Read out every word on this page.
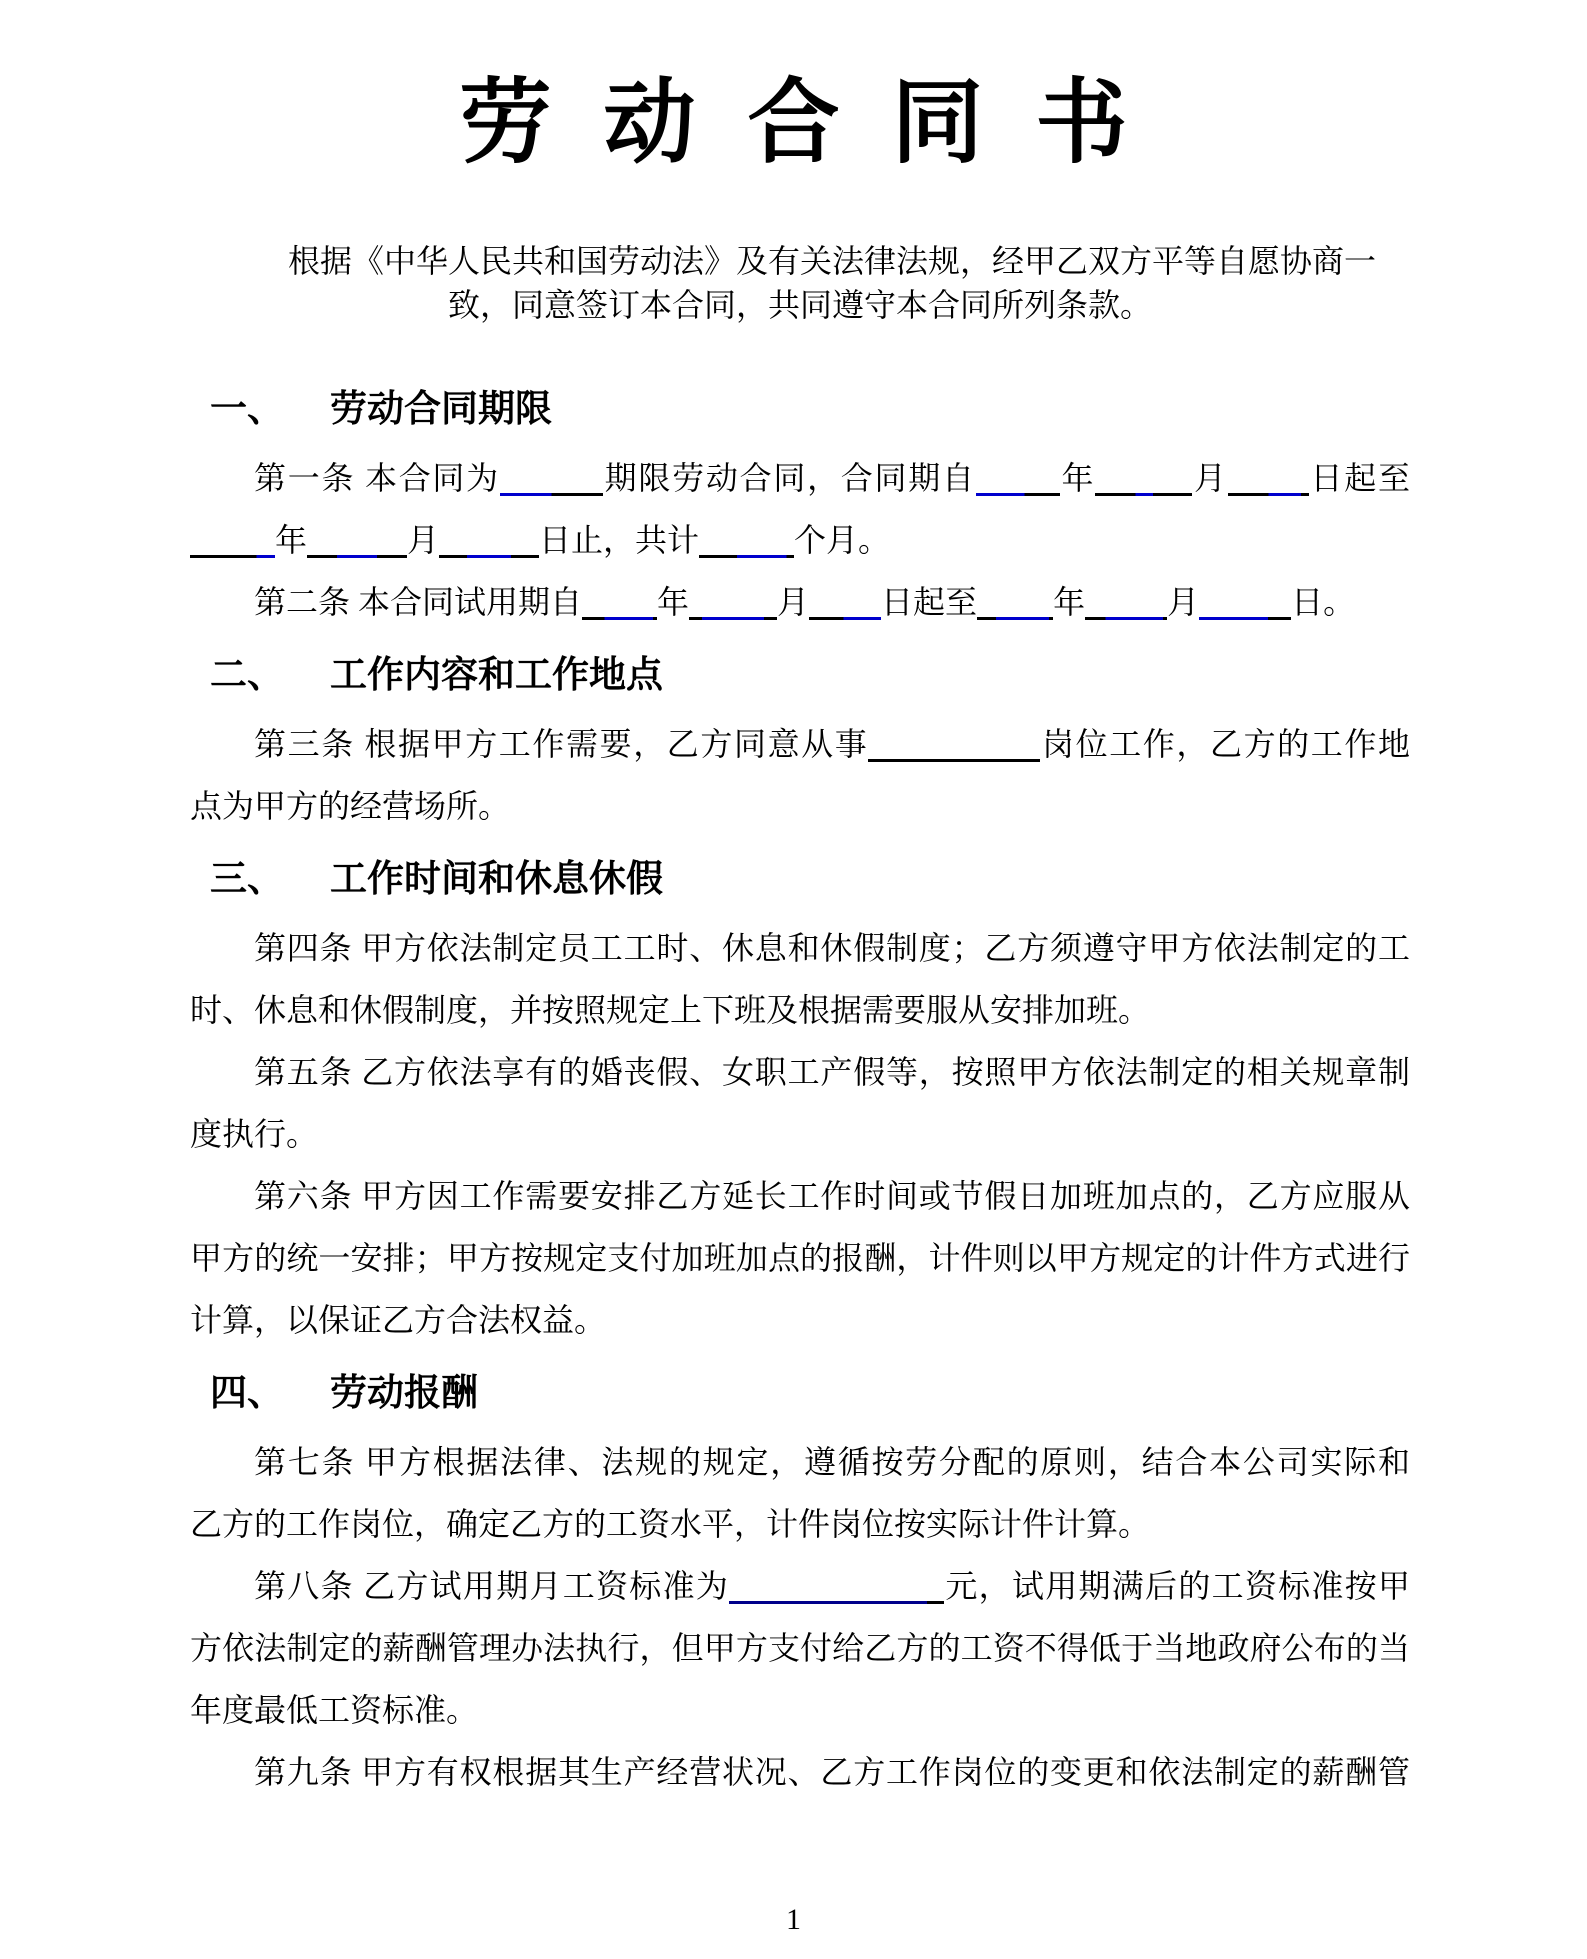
劳动合同书
根据《中华人民共和国劳动法》及有关法律法规，经甲乙双方平等自愿协商一
致，同意签订本合同，共同遵守本合同所列条款。
一、 劳动合同期限
第一条 本合同为	期限劳动合同，合同期自	年	月	日起至
年	月	日止，共计	个月。
第二条 本合同试用期自 年	月 日起至 年	月	日。
二、 工作内容和工作地点
第三条 根据甲方工作需要，乙方同意从事	岗位工作，乙方的工作地
点为甲方的经营场所。
三、 工作时间和休息休假
第四条 甲方依法制定员工工时、休息和休假制度；乙方须遵守甲方依法制定的工
时、休息和休假制度，并按照规定上下班及根据需要服从安排加班。
第五条 乙方依法享有的婚丧假、女职工产假等，按照甲方依法制定的相关规章制
度执行。
第六条 甲方因工作需要安排乙方延长工作时间或节假日加班加点的，乙方应服从
甲方的统一安排；甲方按规定支付加班加点的报酬，计件则以甲方规定的计件方式进行
计算，以保证乙方合法权益。
四、 劳动报酬
第七条 甲方根据法律、法规的规定，遵循按劳分配的原则，结合本公司实际和
乙方的工作岗位，确定乙方的工资水平，计件岗位按实际计件计算。
第八条 乙方试用期月工资标准为	元，试用期满后的工资标准按甲
方依法制定的薪酬管理办法执行，但甲方支付给乙方的工资不得低于当地政府公布的当
年度最低工资标准。
第九条 甲方有权根据其生产经营状况、乙方工作岗位的变更和依法制定的薪酬管
1
